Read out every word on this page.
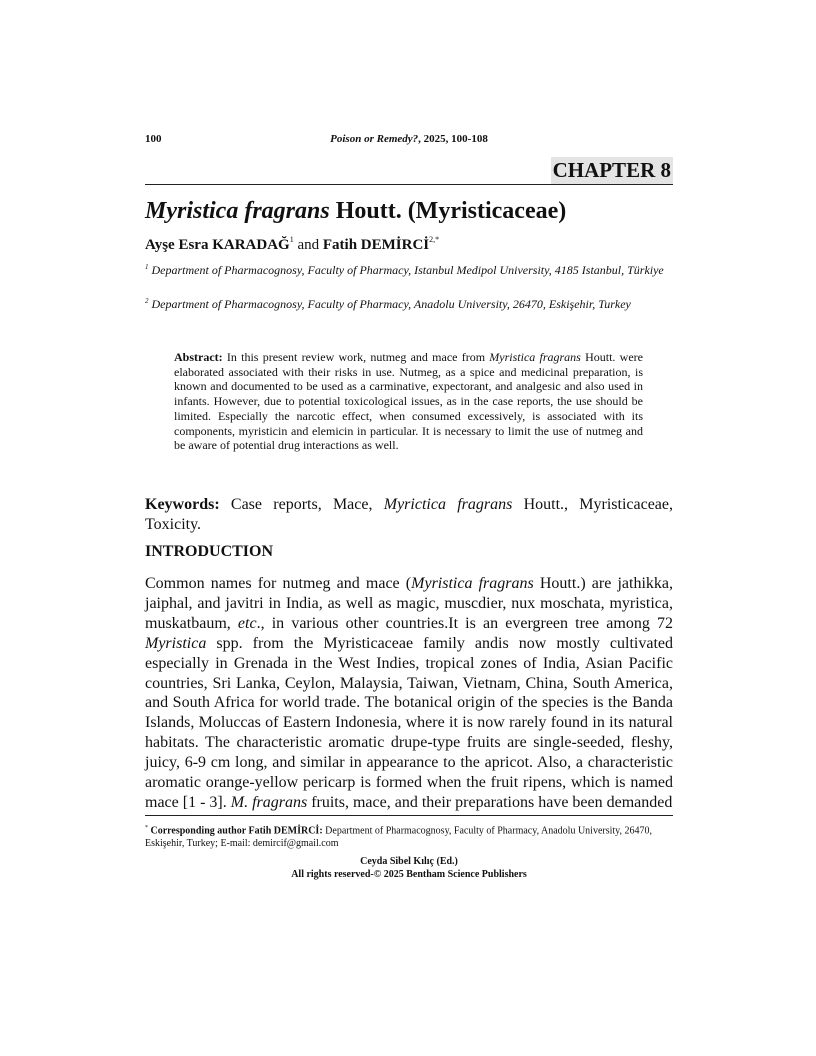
100	Poison or Remedy?, 2025, 100-108
CHAPTER 8
Myristica fragrans Houtt. (Myristicaceae)
Ayşe Esra KARADAĞ$^1$ and Fatih $DEMİRCİ^{2,*}$
$^1$ Department of Pharmacognosy, Faculty of Pharmacy, Istanbul Medipol University, 4185 Istanbul, Türkiye
$^2$ Department of Pharmacognosy, Faculty of Pharmacy, Anadolu University, 26470, Eskişehir, Turkey
Abstract: In this present review work, nutmeg and mace from Myristica fragrans Houtt. were elaborated associated with their risks in use. Nutmeg, as a spice and medicinal preparation, is known and documented to be used as a carminative, expectorant, and analgesic and also used in infants. However, due to potential toxicological issues, as in the case reports, the use should be limited. Especially the narcotic effect, when consumed excessively, is associated with its components, myristicin and elemicin in particular. It is necessary to limit the use of nutmeg and be aware of potential drug interactions as well.
Keywords: Case reports, Mace, Myrictica fragrans Houtt., Myristicaceae, Toxicity.
INTRODUCTION
Common names for nutmeg and mace (Myristica fragrans Houtt.) are jathikka, jaiphal, and javitri in India, as well as magic, muscdier, nux moschata, myristica, muskatbaum, etc., in various other countries.It is an evergreen tree among 72 Myristica spp. from the Myristicaceae family andis now mostly cultivated especially in Grenada in the West Indies, tropical zones of India, Asian Pacific countries, Sri Lanka, Ceylon, Malaysia, Taiwan, Vietnam, China, South America, and South Africa for world trade. The botanical origin of the species is the Banda Islands, Moluccas of Eastern Indonesia, where it is now rarely found in its natural habitats. The characteristic aromatic drupe-type fruits are single-seeded, fleshy, juicy, 6-9 cm long, and similar in appearance to the apricot. Also, a characteristic aromatic orange-yellow pericarp is formed when the fruit ripens, which is named mace [1 - 3]. M. fragrans fruits, mace, and their preparations have been demanded
* Corresponding author Fatih DEMİRCİ: Department of Pharmacognosy, Faculty of Pharmacy, Anadolu University, 26470, Eskişehir, Turkey; E-mail: demircif@gmail.com
Ceyda Sibel Kılıç (Ed.)
All rights reserved-© 2025 Bentham Science Publishers
